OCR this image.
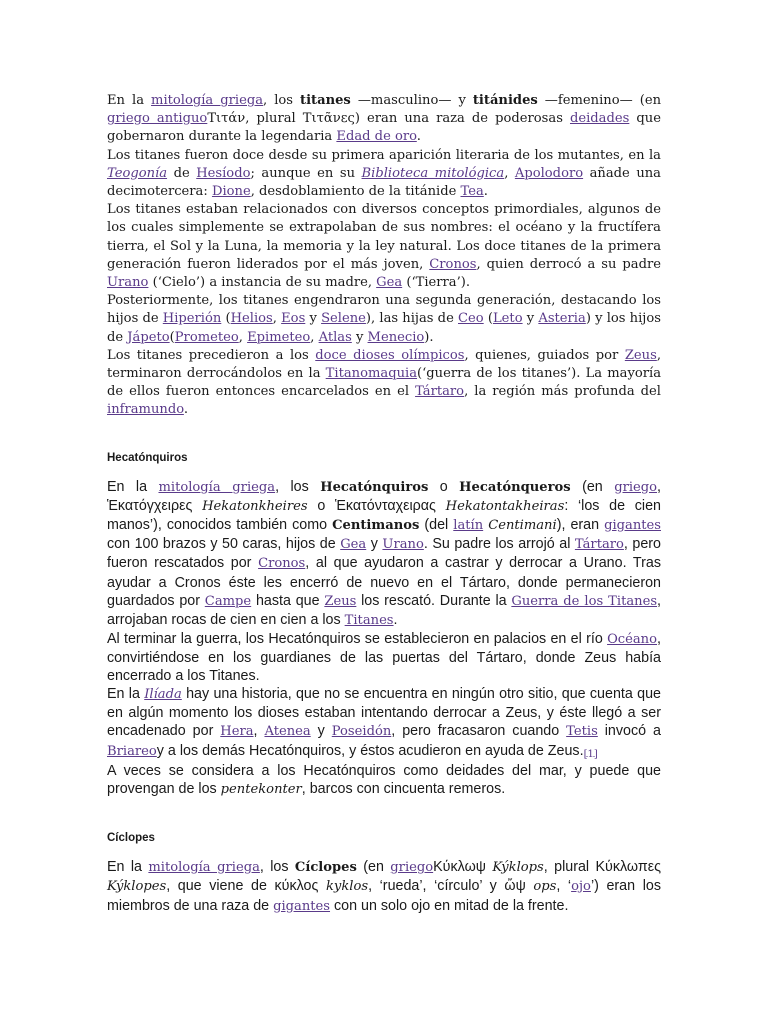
En la mitología griega, los titanes —masculino— y titánides —femenino— (en griego antiguoΤιτάν, plural Τιτᾶνες) eran una raza de poderosas deidades que gobernaron durante la legendaria Edad de oro.

Los titanes fueron doce desde su primera aparición literaria de los mutantes, en la Teogonía de Hesíodo; aunque en su Biblioteca mitológica, Apolodoro añade una decimotercera: Dione, desdoblamiento de la titánide Tea.

Los titanes estaban relacionados con diversos conceptos primordiales, algunos de los cuales simplemente se extrapolaban de sus nombres: el océano y la fructífera tierra, el Sol y la Luna, la memoria y la ley natural. Los doce titanes de la primera generación fueron liderados por el más joven, Cronos, quien derrocó a su padre Urano (‘Cielo’) a instancia de su madre, Gea (‘Tierra’).

Posteriormente, los titanes engendraron una segunda generación, destacando los hijos de Hiperión (Helios, Eos y Selene), las hijas de Ceo (Leto y Asteria) y los hijos de Jápeto(Prometeo, Epimeteo, Atlas y Menecio).

Los titanes precedieron a los doce dioses olímpicos, quienes, guiados por Zeus, terminaron derrocándolos en la Titanomaquia(‘guerra de los titanes’). La mayoría de ellos fueron entonces encarcelados en el Tártaro, la región más profunda del inframundo.

Hecatónquiros

En la mitología griega, los Hecatónquiros o Hecatónqueros (en griego, Ἑκατόγχειρες Hekatonkheires o Ἑκατόνταχειρας Hekatontakheiras: ‘los de cien manos’), conocidos también como Centimanos (del latín Centimani), eran gigantes con 100 brazos y 50 caras, hijos de Gea y Urano. Su padre los arrojó al Tártaro, pero fueron rescatados por Cronos, al que ayudaron a castrar y derrocar a Urano. Tras ayudar a Cronos éste les encerró de nuevo en el Tártaro, donde permanecieron guardados por Campe hasta que Zeus los rescató. Durante la Guerra de los Titanes, arrojaban rocas de cien en cien a los Titanes.

Al terminar la guerra, los Hecatónquiros se establecieron en palacios en el río Océano, convirtiéndose en los guardianes de las puertas del Tártaro, donde Zeus había encerrado a los Titanes.

En la Ilíada hay una historia, que no se encuentra en ningún otro sitio, que cuenta que en algún momento los dioses estaban intentando derrocar a Zeus, y éste llegó a ser encadenado por Hera, Atenea y Poseidón, pero fracasaron cuando Tetis invocó a Briareoy a los demás Hecatónquiros, y éstos acudieron en ayuda de Zeus.[1]

A veces se considera a los Hecatónquiros como deidades del mar, y puede que provengan de los pentekonter, barcos con cincuenta remeros.

Cíclopes

En la mitología griega, los Cíclopes (en griegoΚύκλωψ Kýklops, plural Κύκλωπες Kýklopes, que viene de κύκλος kyklos, ‘rueda’, ‘círculo’ y ὤψ ops, ‘ojo’) eran los miembros de una raza de gigantes con un solo ojo en mitad de la frente.
